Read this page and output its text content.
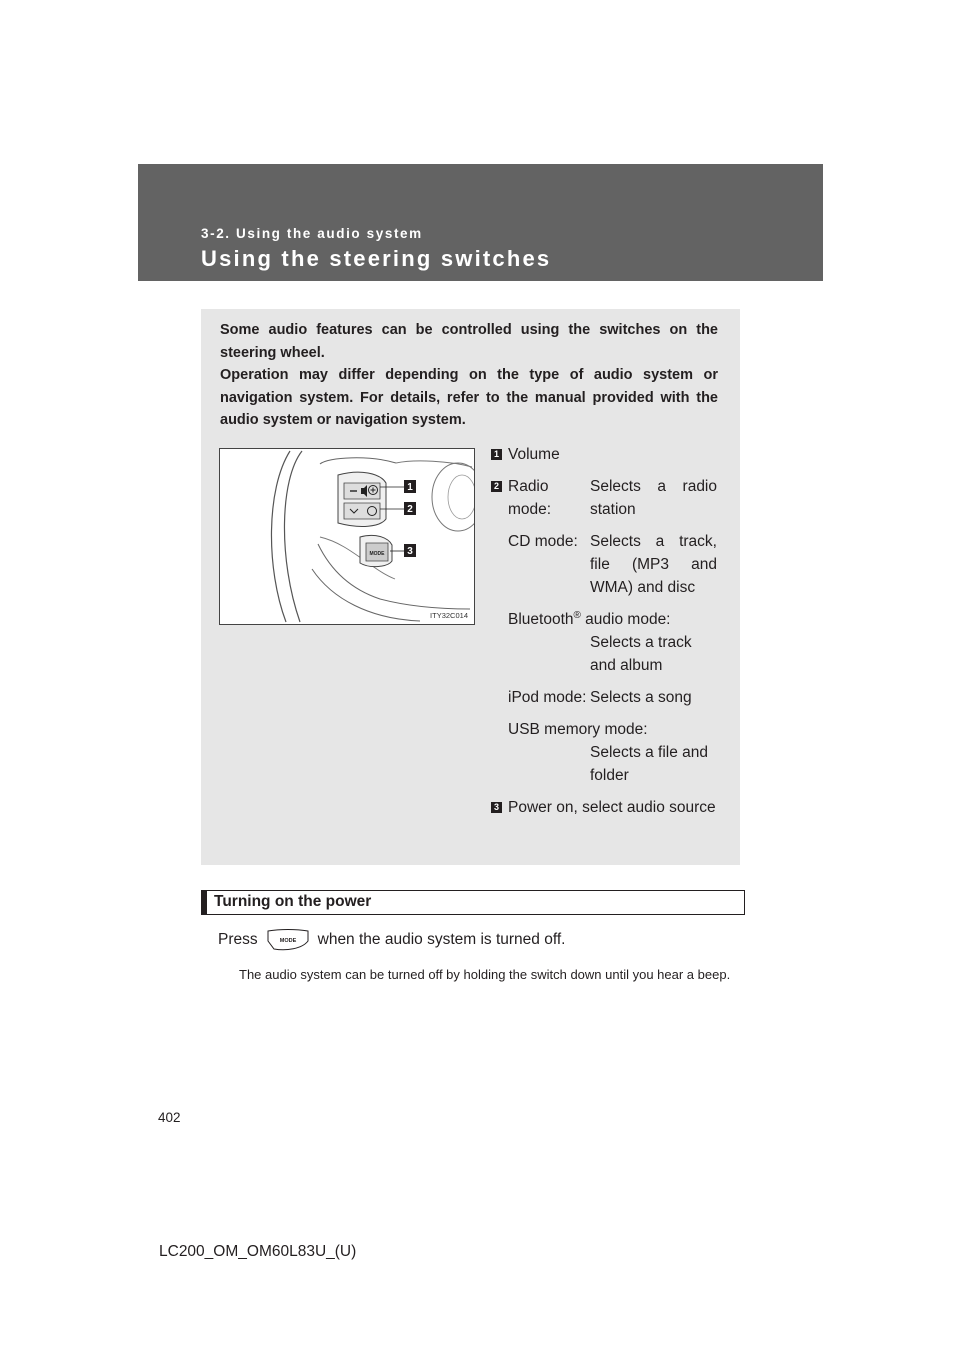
3-2. Using the audio system
Using the steering switches

Some audio features can be controlled using the switches on the steering wheel.

Operation may differ depending on the type of audio system or navigation system. For details, refer to the manual provided with the audio system or navigation system.

MODE
1
2
3
ITY32C014
1 Volume
2 Radio mode:
Selects a radio station
CD mode: Selects a track, file (MP3 and WMA) and disc
Bluetooth® audio mode:
Selects a track and album
iPod mode: Selects a song
USB memory mode:
Selects a file and folder
3 Power on, select audio source
Turning on the power
Press	MODE when the audio system is turned off.
The audio system can be turned off by holding the switch down until you hear a beep.
402
LC200_OM_OM60L83U_(U)
